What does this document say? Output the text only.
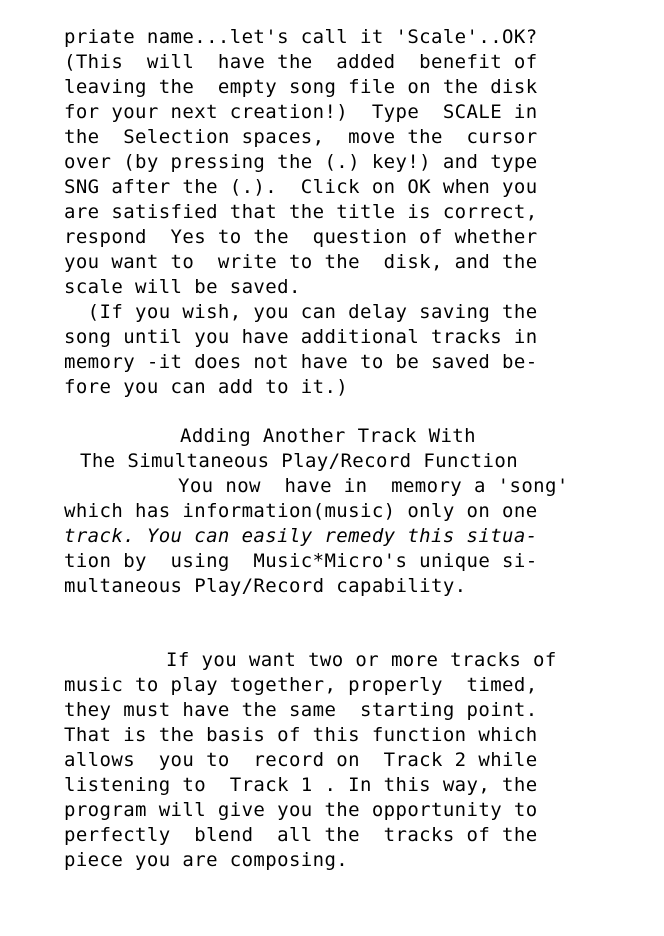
priate name...let's call it 'Scale'..OK?
(This  will  have the  added  benefit of
leaving the  empty song file on the disk
for your next creation!)  Type  SCALE in
the  Selection spaces,  move the  cursor
over (by pressing the (.) key!) and type
SNG after the (.).  Click on OK when you
are satisfied that the title is correct,
respond  Yes to the  question of whether
you want to  write to the  disk, and the
scale will be saved.
(If you wish, you can delay saving the
song until you have additional tracks in
memory -it does not have to be saved be-
fore you can add to it.)
Adding Another Track With
The Simultaneous Play/Record Function
You now  have in  memory a 'song'
which has information(music) only on one
track. You can easily remedy this situa-
tion by  using  Music*Micro's unique si-
multaneous Play/Record capability.
If you want two or more tracks of
music to play together, properly  timed,
they must have the same  starting point.
That is the basis of this function which
allows  you to  record on  Track 2 while
listening to  Track 1 . In this way, the
program will give you the opportunity to
perfectly  blend  all the  tracks of the
piece you are composing.
